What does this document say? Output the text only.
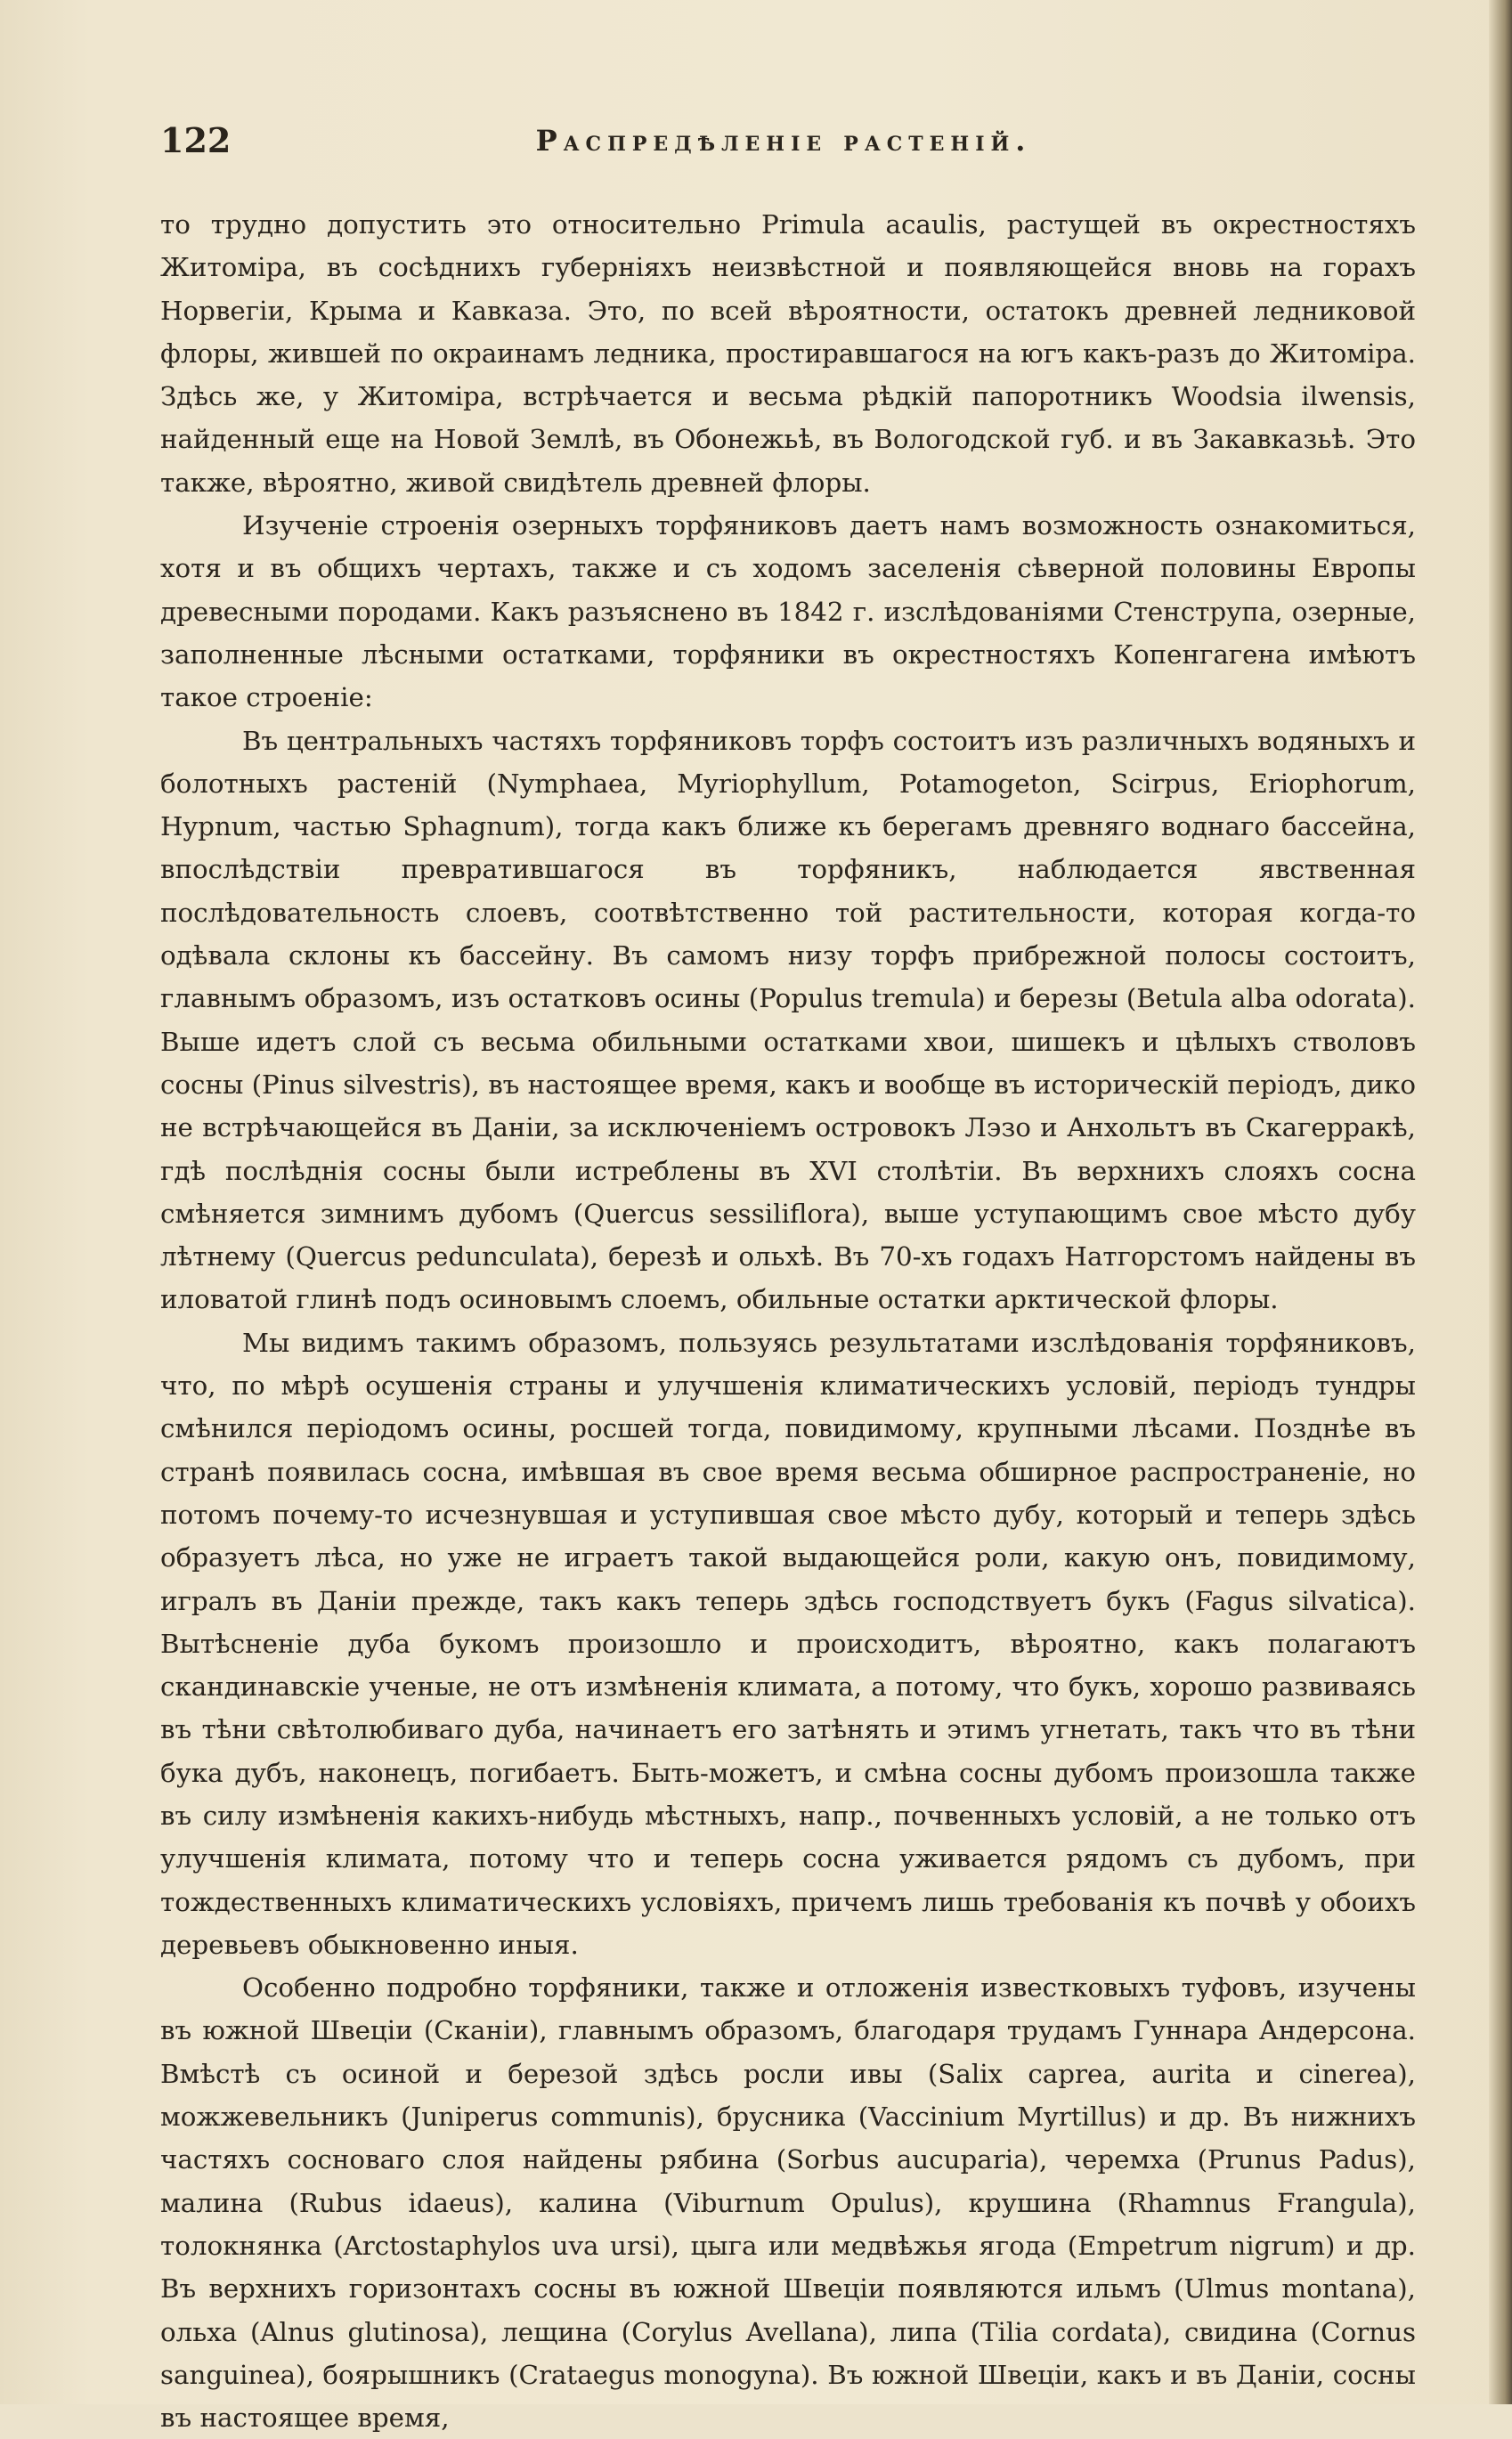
122	Распредѣленіе растеній.

то трудно допустить это относительно Primula acaulis, растущей въ окрестностяхъ Житоміра, въ сосѣднихъ губерніяхъ неизвѣстной и появляющейся вновь на горахъ Норвегіи, Крыма и Кавказа. Это, по всей вѣроятности, остатокъ древней ледниковой флоры, жившей по окраинамъ ледника, простиравшагося на югъ какъ-разъ до Житоміра. Здѣсь же, у Житоміра, встрѣчается и весьма рѣдкій папоротникъ Woodsia ilwensis, найденный еще на Новой Землѣ, въ Обонежьѣ, въ Вологодской губ. и въ Закавказьѣ. Это также, вѣроятно, живой свидѣтель древней флоры.

Изученіе строенія озерныхъ торфяниковъ даетъ намъ возможность ознакомиться, хотя и въ общихъ чертахъ, также и съ ходомъ заселенія сѣверной половины Европы древесными породами. Какъ разъяснено въ 1842 г. изслѣдованіями Стенструпа, озерные, заполненные лѣсными остатками, торфяники въ окрестностяхъ Копенгагена имѣютъ такое строеніе:

Въ центральныхъ частяхъ торфяниковъ торфъ состоитъ изъ различныхъ водяныхъ и болотныхъ растеній (Nymphaea, Myriophyllum, Potamogeton, Scirpus, Eriophorum, Hypnum, частью Sphagnum), тогда какъ ближе къ берегамъ древняго воднаго бассейна, впослѣдствіи превратившагося въ торфяникъ, наблюдается явственная послѣдовательность слоевъ, соотвѣтственно той растительности, которая когда-то одѣвала склоны къ бассейну. Въ самомъ низу торфъ прибрежной полосы состоитъ, главнымъ образомъ, изъ остатковъ осины (Populus tremula) и березы (Betula alba odorata). Выше идетъ слой съ весьма обильными остатками хвои, шишекъ и цѣлыхъ стволовъ сосны (Pinus silvestris), въ настоящее время, какъ и вообще въ историческій періодъ, дико не встрѣчающейся въ Даніи, за исключеніемъ островокъ Лэзо и Анхольтъ въ Скагерракѣ, гдѣ послѣднія сосны были истреблены въ XVI столѣтіи. Въ верхнихъ слояхъ сосна смѣняется зимнимъ дубомъ (Quercus sessiliflora), выше уступающимъ свое мѣсто дубу лѣтнему (Quercus pedunculata), березѣ и ольхѣ. Въ 70-хъ годахъ Натгорстомъ найдены въ иловатой глинѣ подъ осиновымъ слоемъ, обильные остатки арктической флоры.

Мы видимъ такимъ образомъ, пользуясь результатами изслѣдованія торфяниковъ, что, по мѣрѣ осушенія страны и улучшенія климатическихъ условій, періодъ тундры смѣнился періодомъ осины, росшей тогда, повидимому, крупными лѣсами. Позднѣе въ странѣ появилась сосна, имѣвшая въ свое время весьма обширное распространеніе, но потомъ почему-то исчезнувшая и уступившая свое мѣсто дубу, который и теперь здѣсь образуетъ лѣса, но уже не играетъ такой выдающейся роли, какую онъ, повидимому, игралъ въ Даніи прежде, такъ какъ теперь здѣсь господствуетъ букъ (Fagus silvatica). Вытѣсненіе дуба букомъ произошло и происходитъ, вѣроятно, какъ полагаютъ скандинавскіе ученые, не отъ измѣненія климата, а потому, что букъ, хорошо развиваясь въ тѣни свѣтолюбиваго дуба, начинаетъ его затѣнять и этимъ угнетать, такъ что въ тѣни бука дубъ, наконецъ, погибаетъ. Быть-можетъ, и смѣна сосны дубомъ произошла также въ силу измѣненія какихъ-нибудь мѣстныхъ, напр., почвенныхъ условій, а не только отъ улучшенія климата, потому что и теперь сосна уживается рядомъ съ дубомъ, при тождественныхъ климатическихъ условіяхъ, причемъ лишь требованія къ почвѣ у обоихъ деревьевъ обыкновенно иныя.

Особенно подробно торфяники, также и отложенія известковыхъ туфовъ, изучены въ южной Швеціи (Сканіи), главнымъ образомъ, благодаря трудамъ Гуннара Андерсона. Вмѣстѣ съ осиной и березой здѣсь росли ивы (Salix caprea, aurita и cinerea), можжевельникъ (Juniperus communis), брусника (Vaccinium Myrtillus) и др. Въ нижнихъ частяхъ сосноваго слоя найдены рябина (Sorbus aucuparia), черемха (Prunus Padus), малина (Rubus idaeus), калина (Viburnum Opulus), крушина (Rhamnus Frangula), толокнянка (Arctostaphylos uva ursi), цыга или медвѣжья ягода (Empetrum nigrum) и др. Въ верхнихъ горизонтахъ сосны въ южной Швеціи появляются ильмъ (Ulmus montana), ольха (Alnus glutinosa), лещина (Corylus Avellana), липа (Tilia cordata), свидина (Cornus sanguinea), боярышникъ (Crataegus monogyna). Въ южной Швеціи, какъ и въ Даніи, сосны въ настоящее время,
